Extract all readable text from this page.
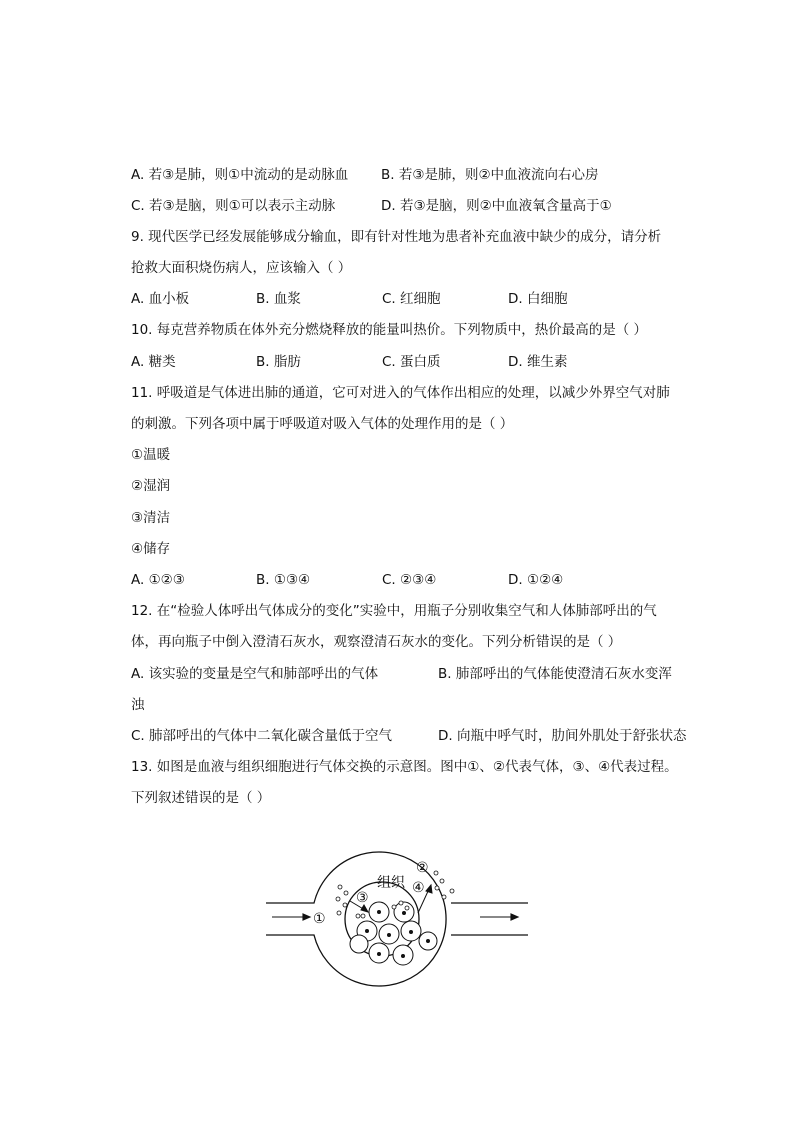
A. 若③是肺，则①中流动的是动脉血 B. 若③是肺，则②中血液流向右心房
C. 若③是脑，则①可以表示主动脉	D. 若③是脑，则②中血液氧含量高于①
9. 现代医学已经发展能够成分输血，即有针对性地为患者补充血液中缺少的成分，请分析
抢救大面积烧伤病人，应该输入（ ）
A. 血小板	B. 血浆	C. 红细胞	D. 白细胞
10. 每克营养物质在体外充分燃烧释放的能量叫热价。下列物质中，热价最高的是（ ）
A. 糖类	B. 脂肪	C. 蛋白质	D. 维生素
11. 呼吸道是气体进出肺的通道，它可对进入的气体作出相应的处理，以减少外界空气对肺
的刺激。下列各项中属于呼吸道对吸入气体的处理作用的是（ ）
①温暖
②湿润
③清洁
④储存
A. ①②③	B. ①③④	C. ②③④	D. ①②④
12. 在“检验人体呼出气体成分的变化”实验中，用瓶子分别收集空气和人体肺部呼出的气
体，再向瓶子中倒入澄清石灰水，观察澄清石灰水的变化。下列分析错误的是（ ）
A. 该实验的变量是空气和肺部呼出的气体	B. 肺部呼出的气体能使澄清石灰水变浑
浊
C. 肺部呼出的气体中二氧化碳含量低于空气	D. 向瓶中呼气时，肋间外肌处于舒张状态
13. 如图是血液与组织细胞进行气体交换的示意图。图中①、②代表气体，③、④代表过程。
下列叙述错误的是（ ）
组织
①
②
③
④
